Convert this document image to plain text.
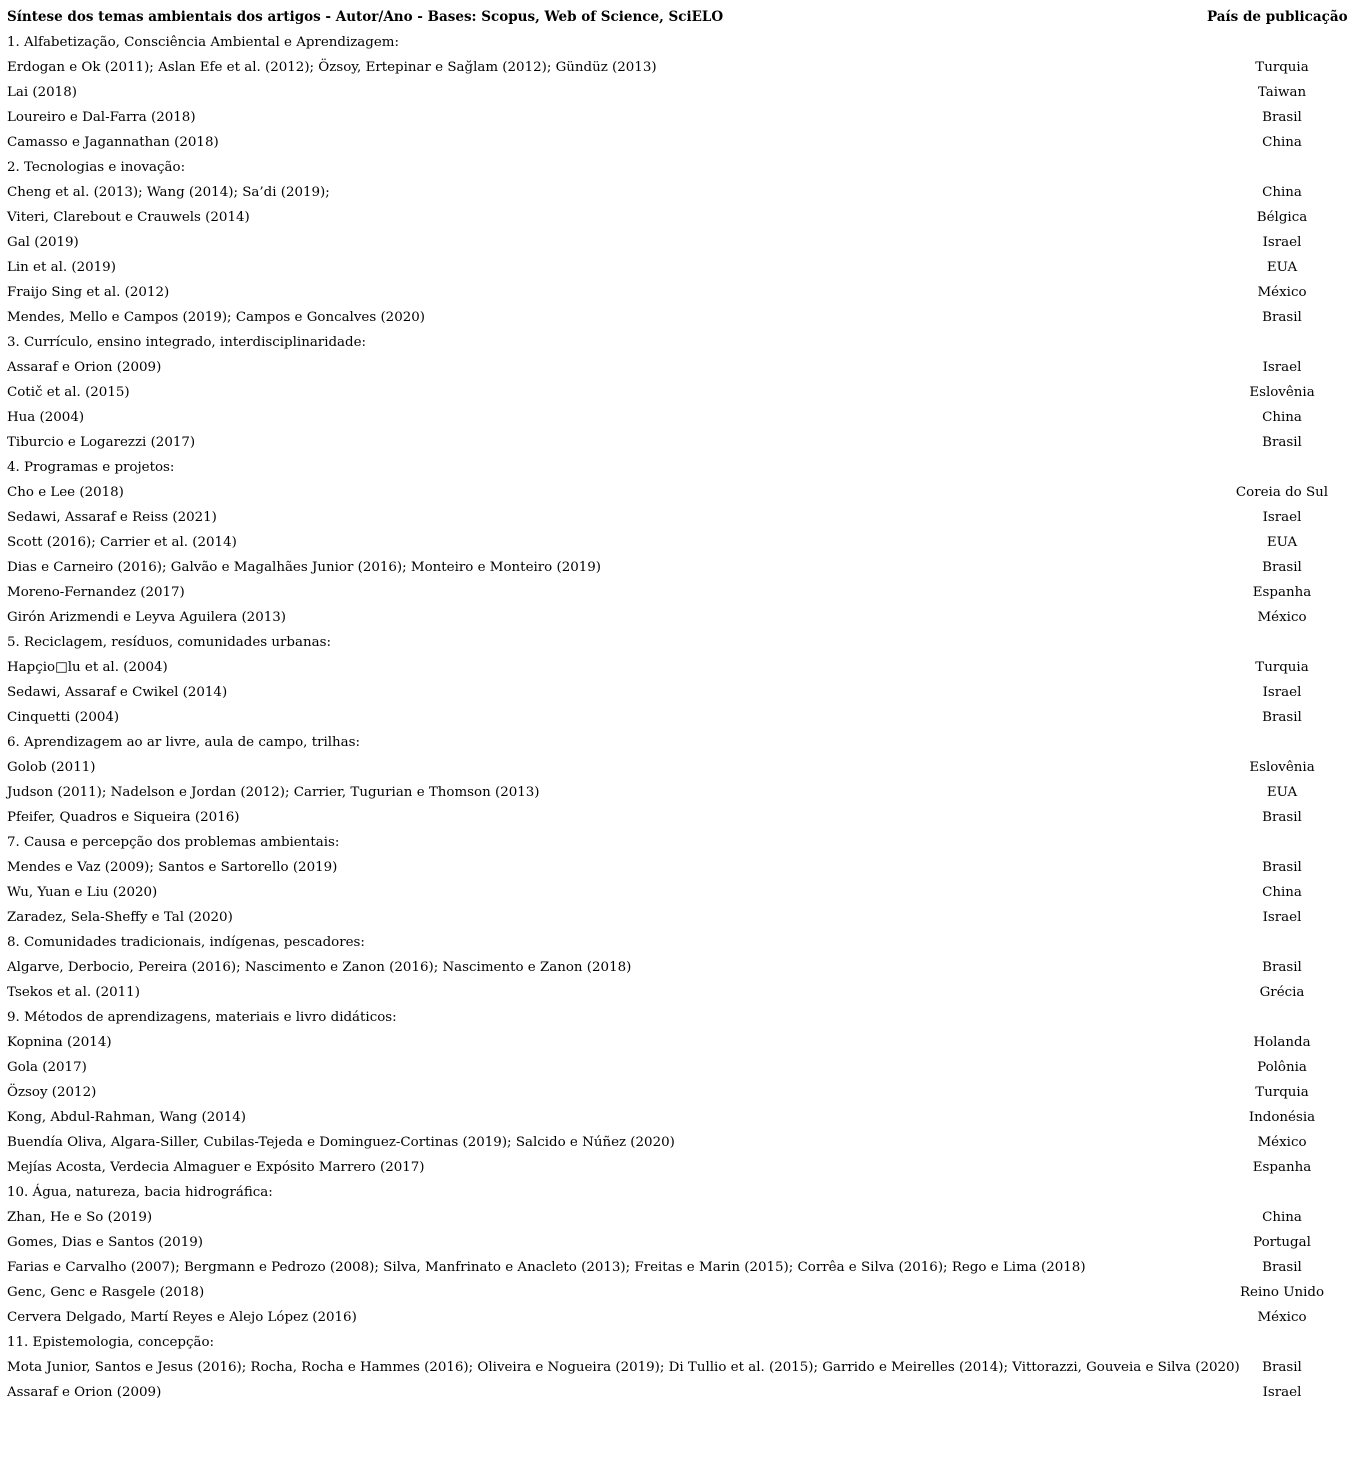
Síntese dos temas ambientais dos artigos - Autor/Ano - Bases: Scopus, Web of Science, SciELO	País de publicação
1. Alfabetização, Consciência Ambiental e Aprendizagem:	
Erdogan e Ok (2011); Aslan Efe et al. (2012); Özsoy, Ertepinar e Sağlam (2012); Gündüz (2013)	Turquia
Lai (2018)	Taiwan
Loureiro e Dal-Farra (2018)	Brasil
Camasso e Jagannathan (2018)	China
2. Tecnologias e inovação:	
Cheng et al. (2013); Wang (2014); Sa’di (2019);	China
Viteri, Clarebout e Crauwels (2014)	Bélgica
Gal (2019)	Israel
Lin et al. (2019)	EUA
Fraijo Sing et al. (2012)	México
Mendes, Mello e Campos (2019); Campos e Goncalves (2020)	Brasil
3. Currículo, ensino integrado, interdisciplinaridade:	
Assaraf e Orion (2009)	Israel
Cotič et al. (2015)	Eslovênia
Hua (2004)	China
Tiburcio e Logarezzi (2017)	Brasil
4. Programas e projetos:	
Cho e Lee (2018)	Coreia do Sul
Sedawi, Assaraf e Reiss (2021)	Israel
Scott (2016); Carrier et al. (2014)	EUA
Dias e Carneiro (2016); Galvão e Magalhães Junior (2016); Monteiro e Monteiro (2019)	Brasil
Moreno-Fernandez (2017)	Espanha
Girón Arizmendi e Leyva Aguilera (2013)	México
5. Reciclagem, resíduos, comunidades urbanas:	
Hapçio□lu et al. (2004)	Turquia
Sedawi, Assaraf e Cwikel (2014)	Israel
Cinquetti (2004)	Brasil
6. Aprendizagem ao ar livre, aula de campo, trilhas:	
Golob (2011)	Eslovênia
Judson (2011); Nadelson e Jordan (2012); Carrier, Tugurian e Thomson (2013)	EUA
Pfeifer, Quadros e Siqueira (2016)	Brasil
7. Causa e percepção dos problemas ambientais:	
Mendes e Vaz (2009); Santos e Sartorello (2019)	Brasil
Wu, Yuan e Liu (2020)	China
Zaradez, Sela-Sheffy e Tal (2020)	Israel
8. Comunidades tradicionais, indígenas, pescadores:	
Algarve, Derbocio, Pereira (2016); Nascimento e Zanon (2016); Nascimento e Zanon (2018)	Brasil
Tsekos et al. (2011)	Grécia
9. Métodos de aprendizagens, materiais e livro didáticos:	
Kopnina (2014)	Holanda
Gola (2017)	Polônia
Özsoy (2012)	Turquia
Kong, Abdul-Rahman, Wang (2014)	Indonésia
Buendía Oliva, Algara-Siller, Cubilas-Tejeda e Dominguez-Cortinas (2019); Salcido e Núñez (2020)	México
Mejías Acosta, Verdecia Almaguer e Expósito Marrero (2017)	Espanha
10. Água, natureza, bacia hidrográfica:	
Zhan, He e So (2019)	China
Gomes, Dias e Santos (2019)	Portugal
Farias e Carvalho (2007); Bergmann e Pedrozo (2008); Silva, Manfrinato e Anacleto (2013); Freitas e Marin (2015); Corrêa e Silva (2016); Rego e Lima (2018)	Brasil
Genc, Genc e Rasgele (2018)	Reino Unido
Cervera Delgado, Martí Reyes e Alejo López (2016)	México
11. Epistemologia, concepção:	
Mota Junior, Santos e Jesus (2016); Rocha, Rocha e Hammes (2016); Oliveira e Nogueira (2019); Di Tullio et al. (2015); Garrido e Meirelles (2014); Vittorazzi, Gouveia e Silva (2020)	Brasil
Assaraf e Orion (2009)	Israel
